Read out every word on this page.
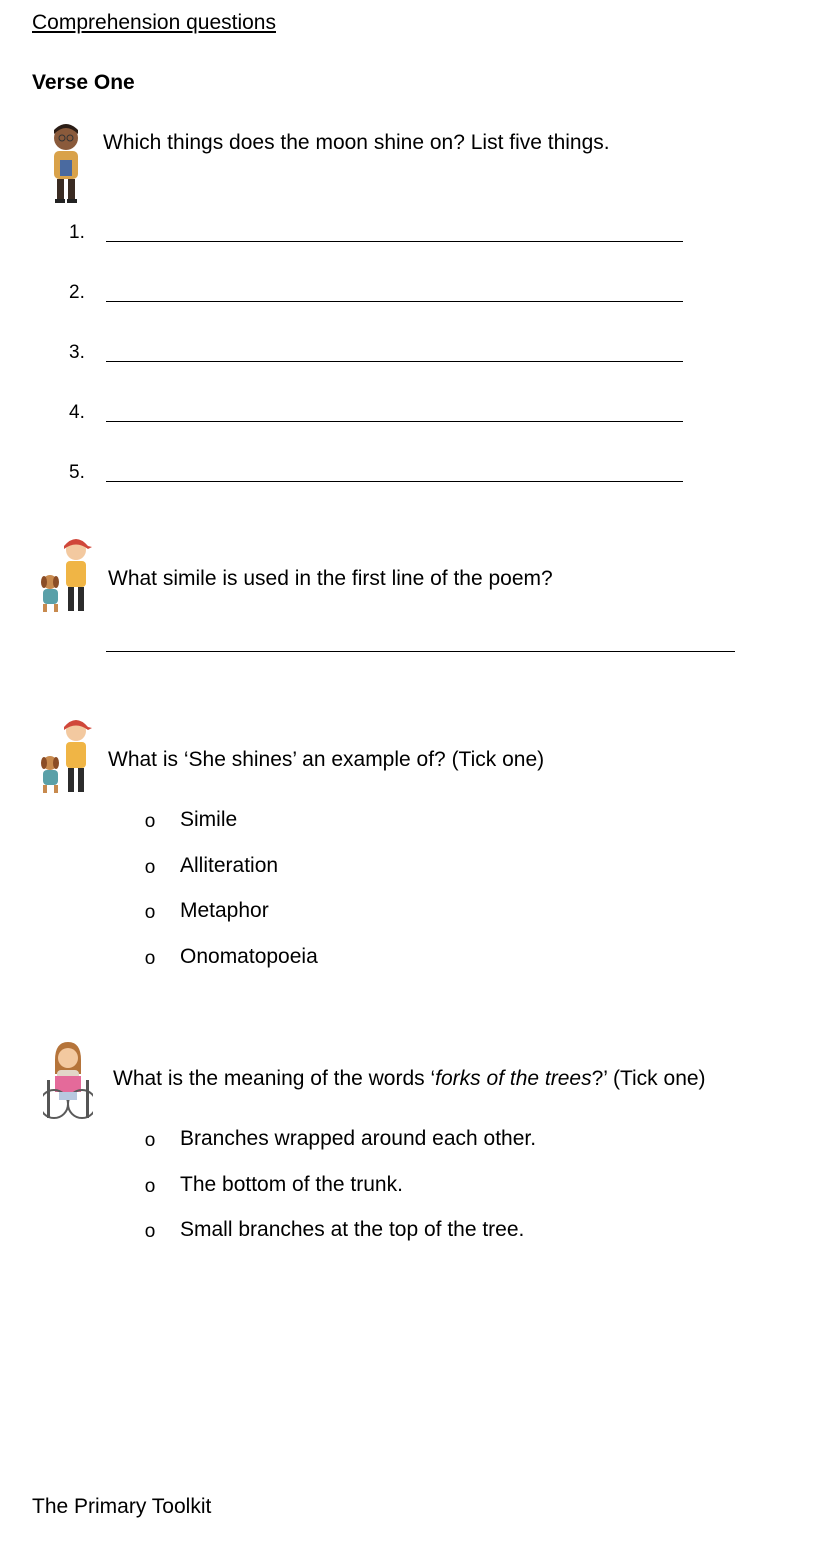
Comprehension questions
Verse One
Which things does the moon shine on? List five things.
1.
2.
3.
4.
5.
What simile is used in the first line of the poem?
What is ‘She shines’ an example of? (Tick one)
o Simile
o Alliteration
o Metaphor
o Onomatopoeia
What is the meaning of the words ‘forks of the trees?’ (Tick one)
o Branches wrapped around each other.
o The bottom of the trunk.
o Small branches at the top of the tree.
The Primary Toolkit
